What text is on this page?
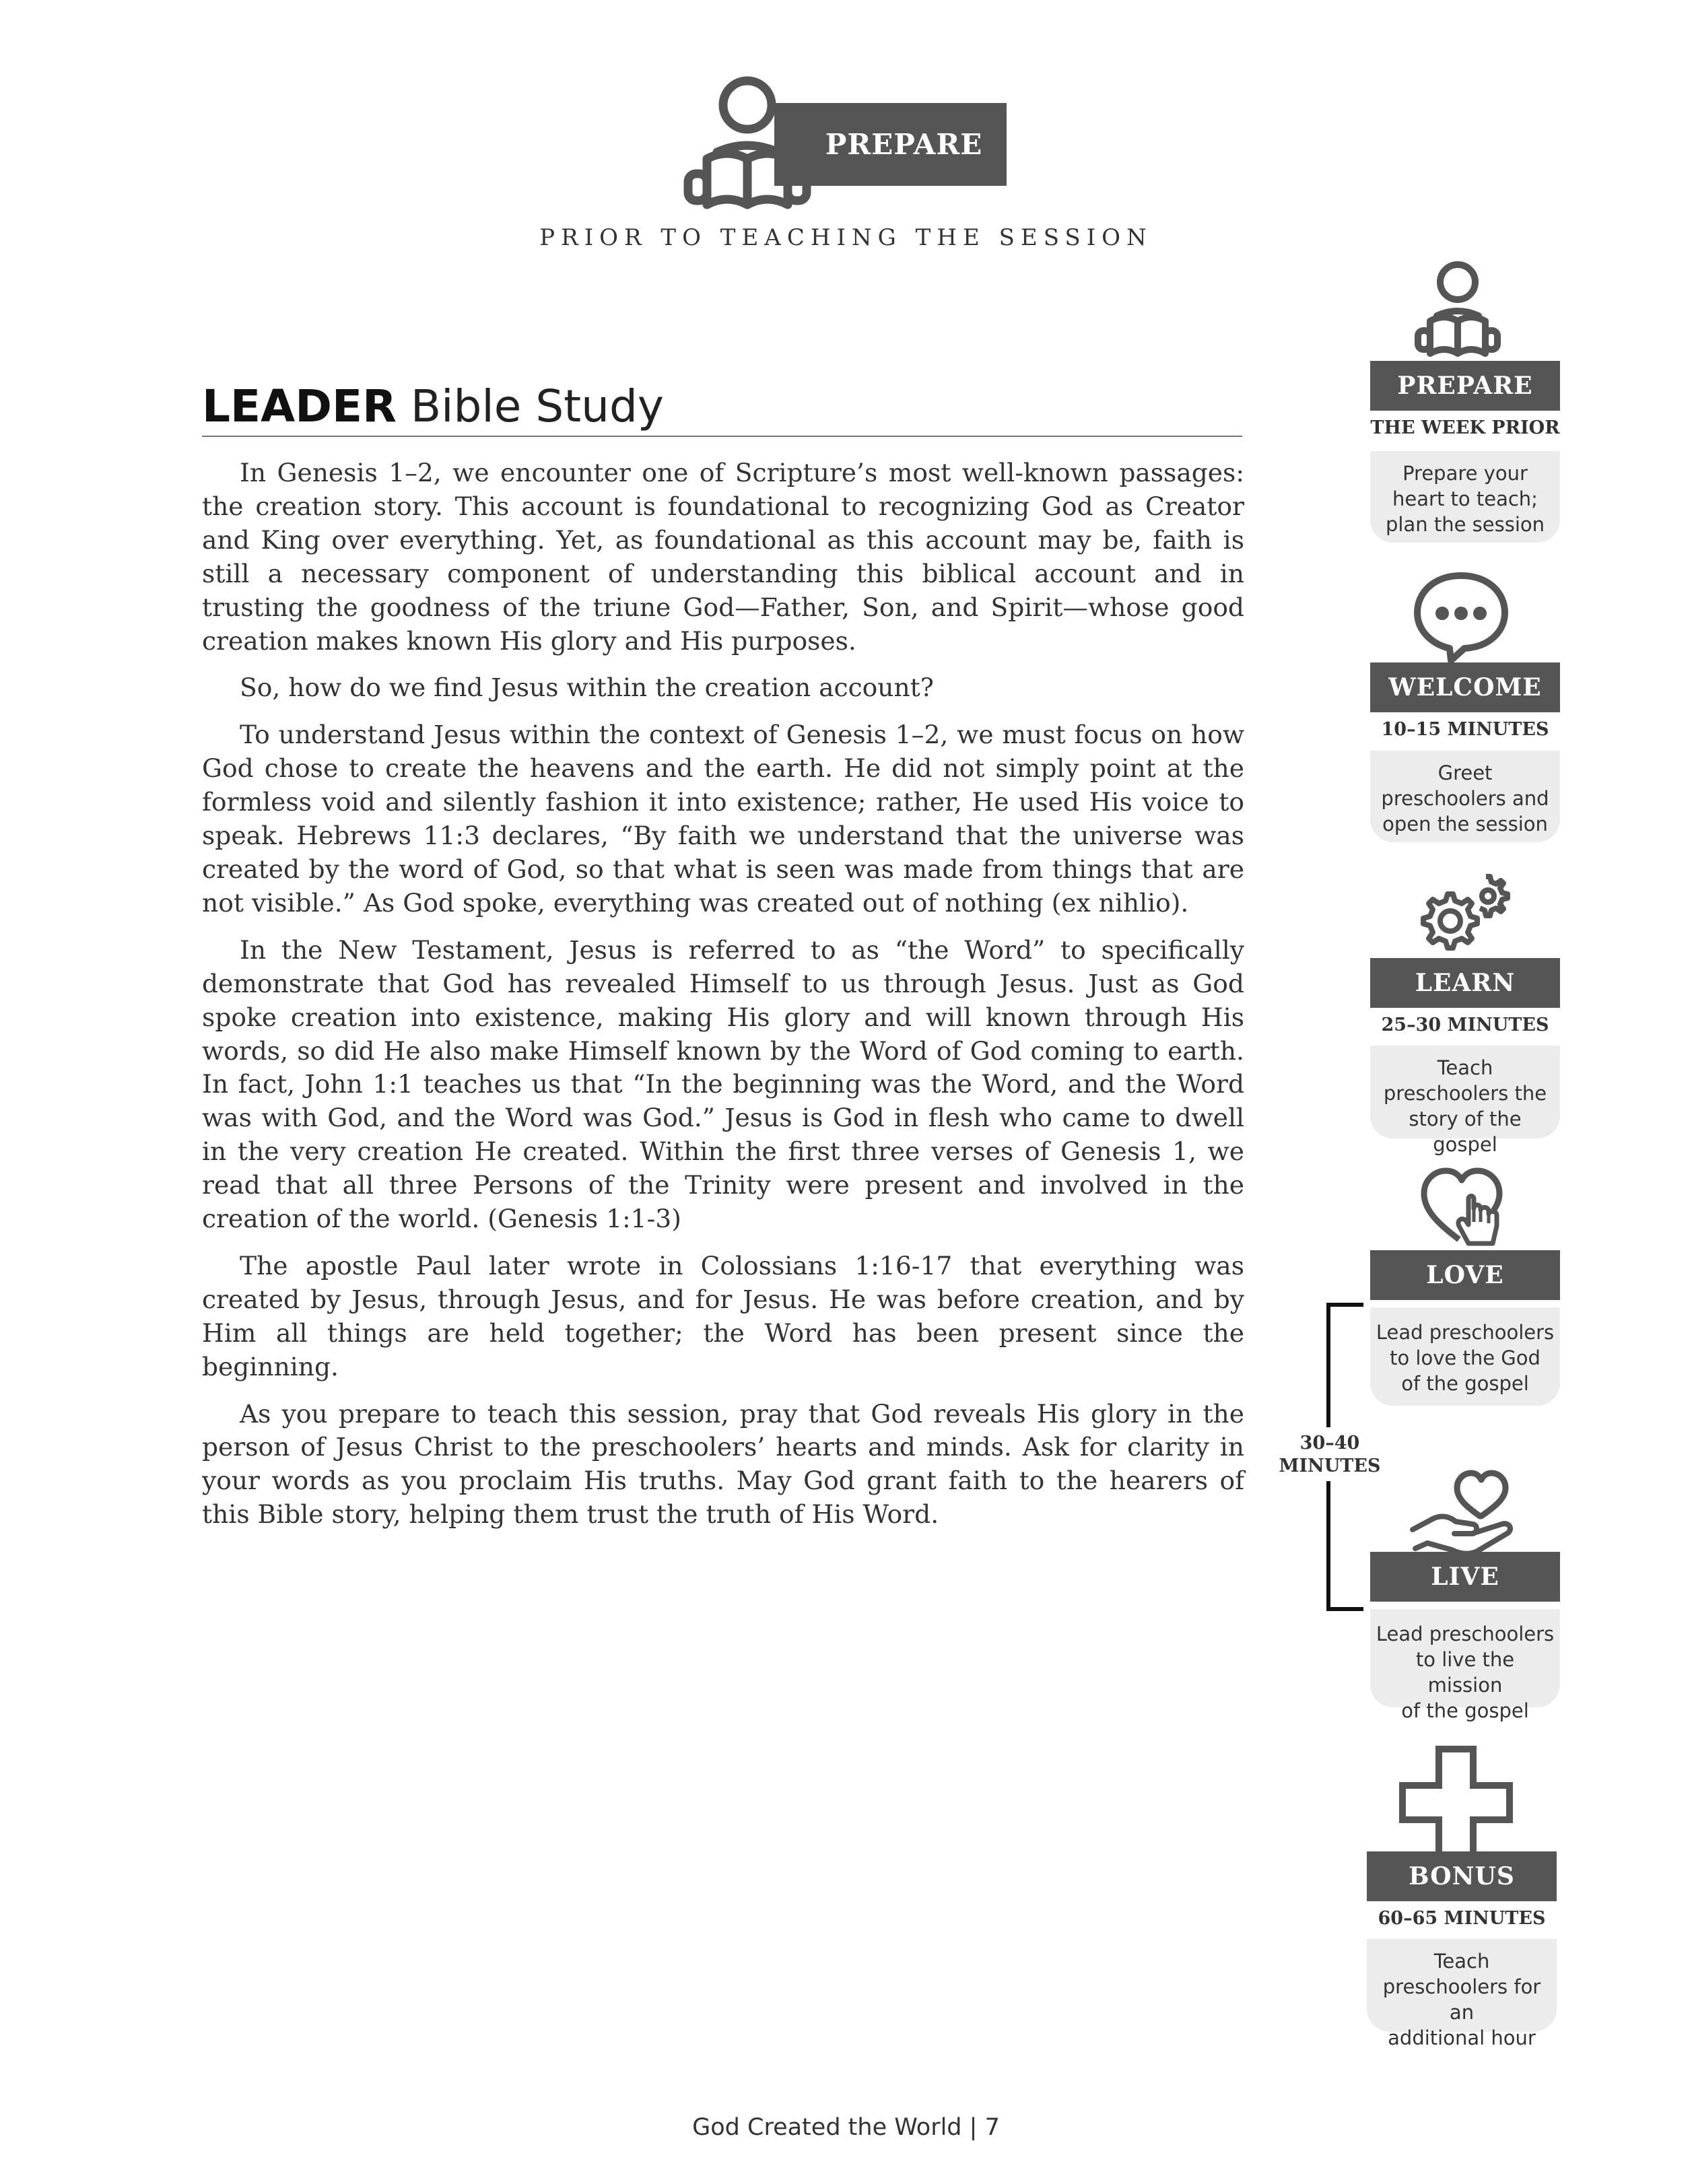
PREPARE
PRIOR TO TEACHING THE SESSION
LEADER Bible Study

In Genesis 1–2, we encounter one of Scripture’s most well-known passages: the creation story. This account is foundational to recognizing God as Creator and King over everything. Yet, as foundational as this account may be, faith is still a necessary component of understanding this biblical account and in trusting the goodness of the triune God—Father, Son, and Spirit—whose good creation makes known His glory and His purposes.

So, how do we find Jesus within the creation account?

To understand Jesus within the context of Genesis 1–2, we must focus on how God chose to create the heavens and the earth. He did not simply point at the formless void and silently fashion it into existence; rather, He used His voice to speak. Hebrews 11:3 declares, “By faith we understand that the universe was created by the word of God, so that what is seen was made from things that are not visible.” As God spoke, everything was created out of nothing (ex nihlio).

In the New Testament, Jesus is referred to as “the Word” to specifically demonstrate that God has revealed Himself to us through Jesus. Just as God spoke creation into existence, making His glory and will known through His words, so did He also make Himself known by the Word of God coming to earth. In fact, John 1:1 teaches us that “In the beginning was the Word, and the Word was with God, and the Word was God.” Jesus is God in flesh who came to dwell in the very creation He created. Within the first three verses of Genesis 1, we read that all three Persons of the Trinity were present and involved in the creation of the world. (Genesis 1:1-3)

The apostle Paul later wrote in Colossians 1:16-17 that everything was created by Jesus, through Jesus, and for Jesus. He was before creation, and by Him all things are held together; the Word has been present since the beginning.

As you prepare to teach this session, pray that God reveals His glory in the person of Jesus Christ to the preschoolers’ hearts and minds. Ask for clarity in your words as you proclaim His truths. May God grant faith to the hearers of this Bible story, helping them trust the truth of His Word.

PREPARE
THE WEEK PRIOR
Prepare your
heart to teach;
plan the session
WELCOME
10–15 MINUTES
Greet
preschoolers and
open the session
LEARN
25–30 MINUTES
Teach
preschoolers the
story of the gospel
LOVE
Lead preschoolers
to love the God
of the gospel
LIVE
Lead preschoolers
to live the mission
of the gospel
30–40
MINUTES
BONUS
60–65 MINUTES
Teach
preschoolers for an
additional hour
God Created the World | 7
